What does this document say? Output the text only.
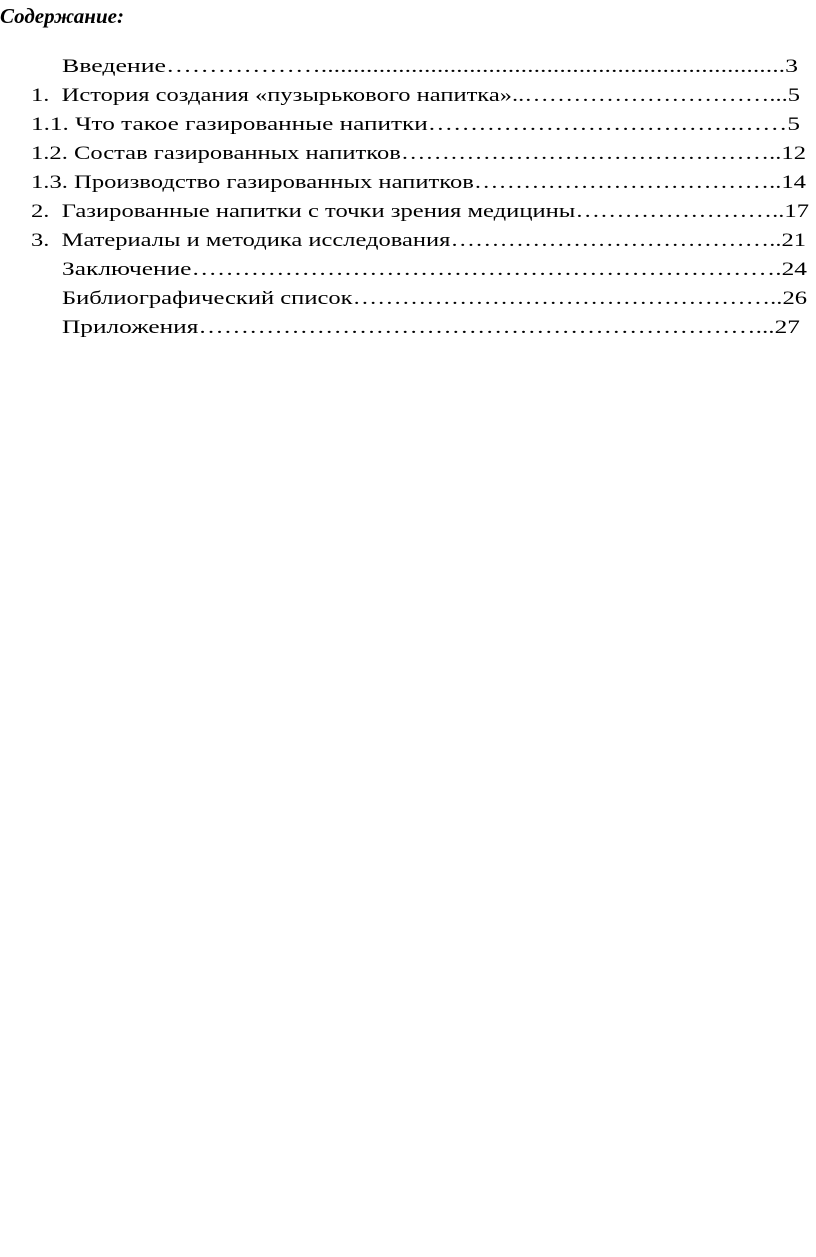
Содержание:
Введение………………........................................................................3
1.  История создания «пузырькового напитка»..…………………………...5
1.1. Что такое газированные напитки……………………………….……5
1.2. Состав газированных напитков………………………………………..12
1.3. Производство газированных напитков………………………………..14
2.  Газированные напитки с точки зрения медицины……………………..17
3.  Материалы и методика исследования…………………………………..21
Заключение…………………………………………………………….24
Библиографический список……………………………………………..26
Приложения…………………………………………………………...27
